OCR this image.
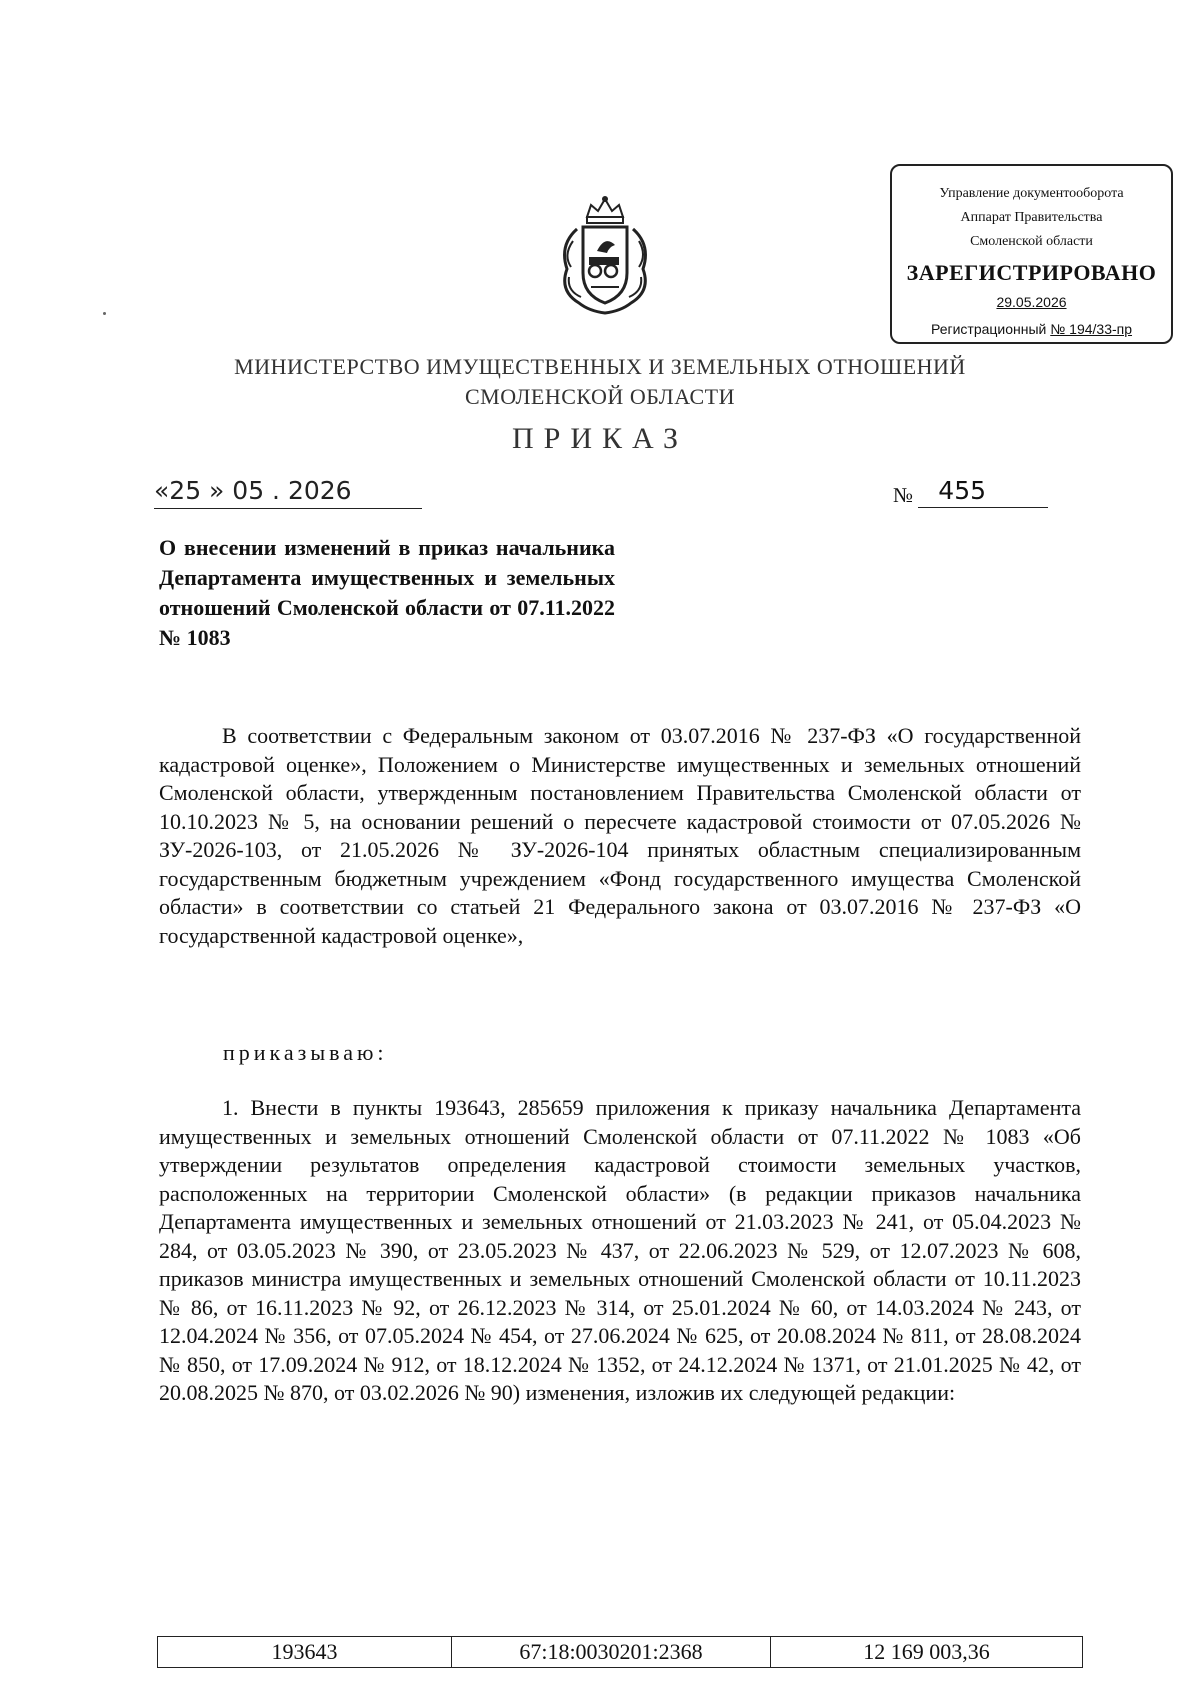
Управление документооборота
Аппарат Правительства
Смоленской области
ЗАРЕГИСТРИРОВАНО
29.05.2026
Регистрационный № 194/33-пр
МИНИСТЕРСТВО ИМУЩЕСТВЕННЫХ И ЗЕМЕЛЬНЫХ ОТНОШЕНИЙ
СМОЛЕНСКОЙ ОБЛАСТИ
ПРИКАЗ
«25 » 05 . 2026	№ 455
О внесении изменений в приказ начальника Департамента имущественных и земельных отношений Смоленской области от 07.11.2022 № 1083
В соответствии с Федеральным законом от 03.07.2016 № 237-ФЗ «О государственной кадастровой оценке», Положением о Министерстве имущественных и земельных отношений Смоленской области, утвержденным постановлением Правительства Смоленской области от 10.10.2023 № 5, на основании решений о пересчете кадастровой стоимости от 07.05.2026 № ЗУ-2026-103, от 21.05.2026 № ЗУ-2026-104 принятых областным специализированным государственным бюджетным учреждением «Фонд государственного имущества Смоленской области» в соответствии со статьей 21 Федерального закона от 03.07.2016 № 237-ФЗ «О государственной кадастровой оценке»,
приказываю:
1. Внести в пункты 193643, 285659 приложения к приказу начальника Департамента имущественных и земельных отношений Смоленской области от 07.11.2022 № 1083 «Об утверждении результатов определения кадастровой стоимости земельных участков, расположенных на территории Смоленской области» (в редакции приказов начальника Департамента имущественных и земельных отношений от 21.03.2023 № 241, от 05.04.2023 № 284, от 03.05.2023 № 390, от 23.05.2023 № 437, от 22.06.2023 № 529, от 12.07.2023 № 608, приказов министра имущественных и земельных отношений Смоленской области от 10.11.2023 № 86, от 16.11.2023 № 92, от 26.12.2023 № 314, от 25.01.2024 № 60, от 14.03.2024 № 243, от 12.04.2024 № 356, от 07.05.2024 № 454, от 27.06.2024 № 625, от 20.08.2024 № 811, от 28.08.2024 № 850, от 17.09.2024 № 912, от 18.12.2024 № 1352, от 24.12.2024 № 1371, от 21.01.2025 № 42, от 20.08.2025 № 870, от 03.02.2026 № 90) изменения, изложив их следующей редакции:
193643	67:18:0030201:2368	12 169 003,36
